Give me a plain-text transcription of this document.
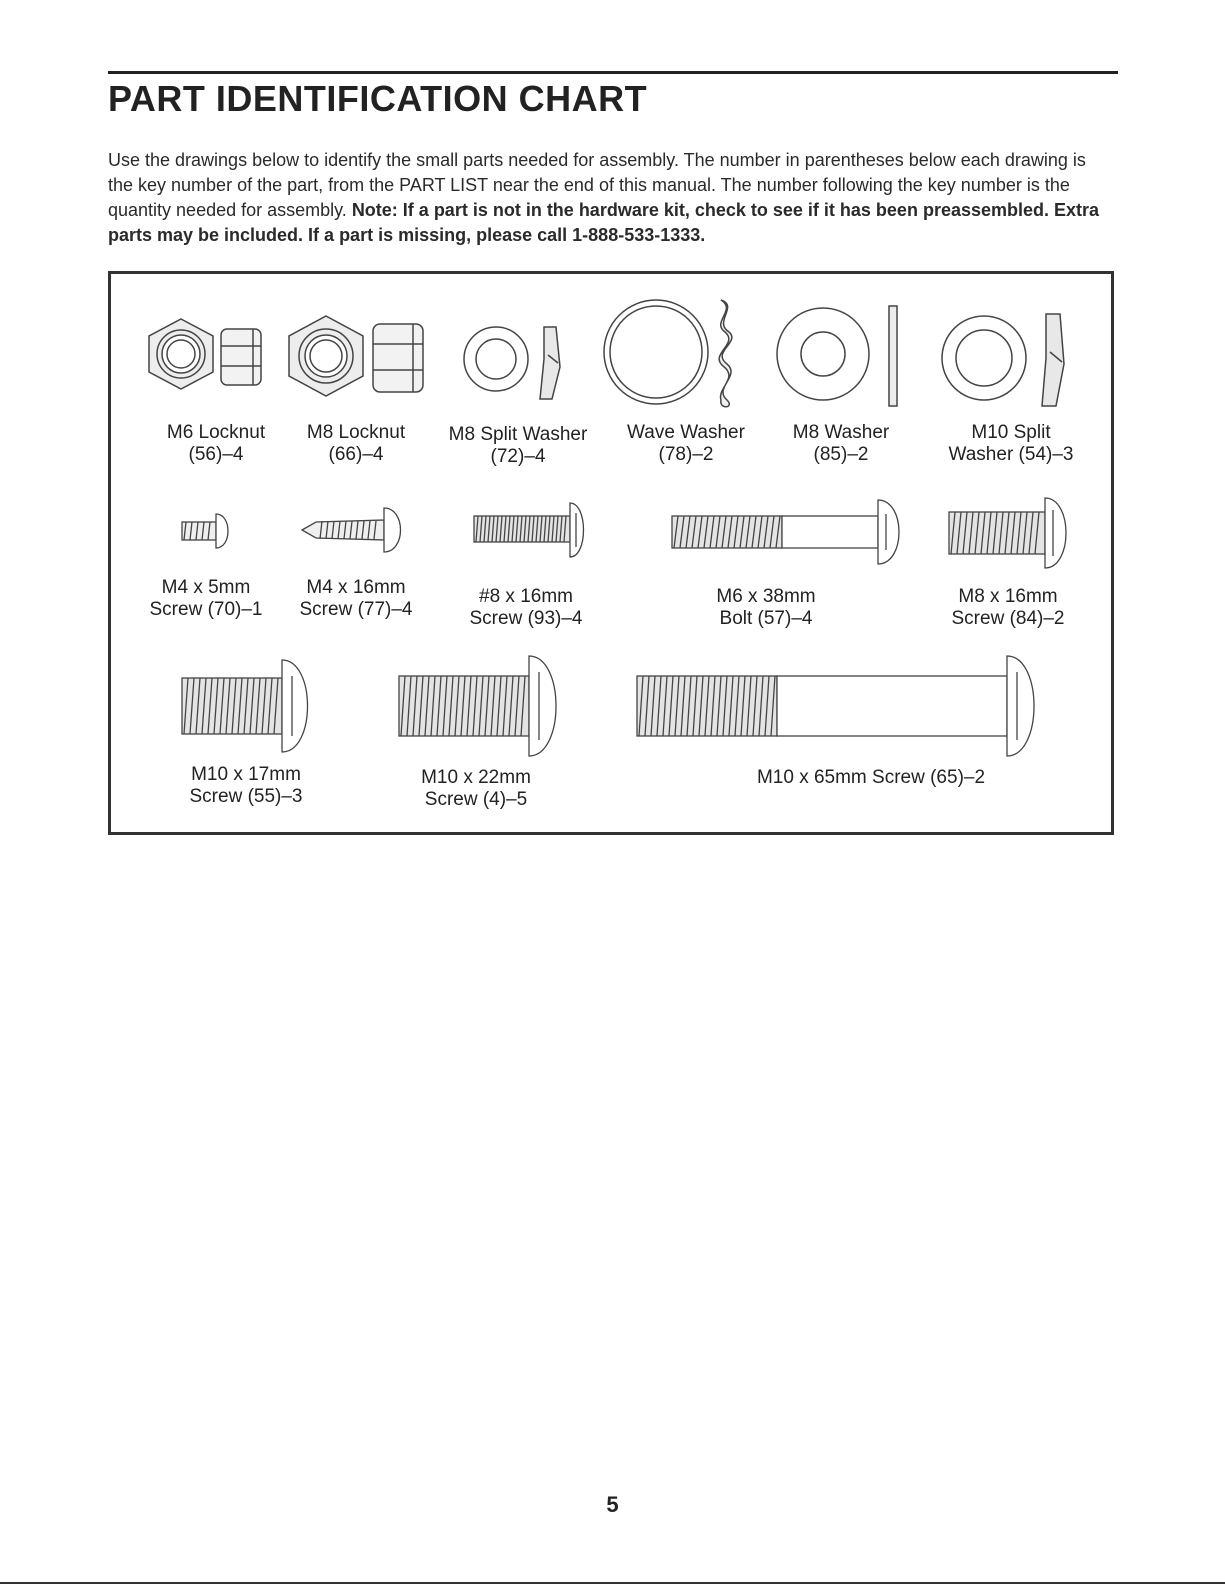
PART IDENTIFICATION CHART

Use the drawings below to identify the small parts needed for assembly. The number in parentheses below each drawing is the key number of the part, from the PART LIST near the end of this manual. The number following the key number is the quantity needed for assembly. Note: If a part is not in the hardware kit, check to see if it has been preassembled. Extra parts may be included. If a part is missing, please call 1-888-533-1333.

M6 Locknut
(56)–4
M8 Locknut
(66)–4
M8 Split Washer
(72)–4
Wave Washer
(78)–2
M8 Washer
(85)–2
M10 Split
Washer (54)–3
M4 x 5mm
Screw (70)–1
M4 x 16mm
Screw (77)–4
#8 x 16mm
Screw (93)–4
M6 x 38mm
Bolt (57)–4
M8 x 16mm
Screw (84)–2
M10 x 17mm
Screw (55)–3
M10 x 22mm
Screw (4)–5
M10 x 65mm Screw (65)–2
5
